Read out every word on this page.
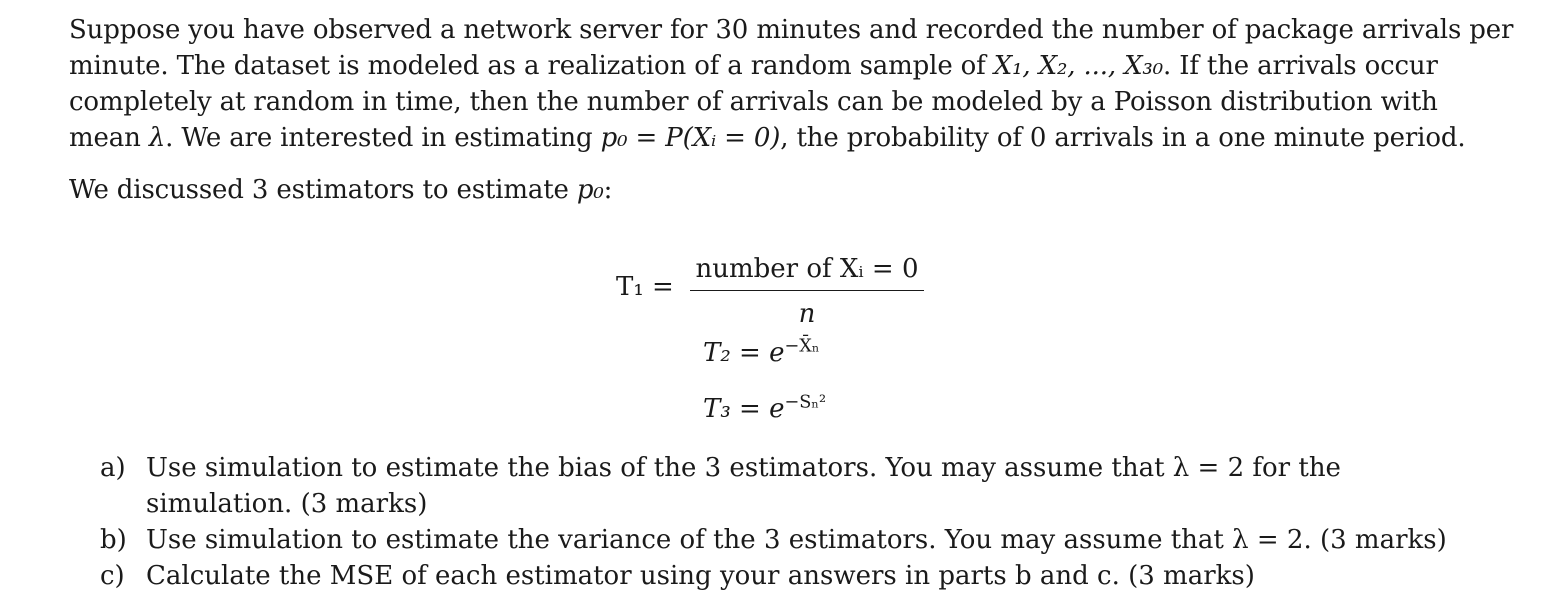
Suppose you have observed a network server for 30 minutes and recorded the number of package arrivals per
minute. The dataset is modeled as a realization of a random sample of X₁, X₂, ..., X₃₀. If the arrivals occur
completely at random in time, then the number of arrivals can be modeled by a Poisson distribution with
mean λ. We are interested in estimating p₀ = P(Xᵢ = 0), the probability of 0 arrivals in a one minute period.

We discussed 3 estimators to estimate p₀:

T₁ =
number of Xᵢ = 0
n
$T_2 = e^{-X̄_n}$
$T_3 = e^{-S_n^2}$
a) Use simulation to estimate the bias of the 3 estimators. You may assume that λ = 2 for the simulation. (3 marks)
b) Use simulation to estimate the variance of the 3 estimators. You may assume that λ = 2. (3 marks)
c) Calculate the MSE of each estimator using your answers in parts b and c. (3 marks)
